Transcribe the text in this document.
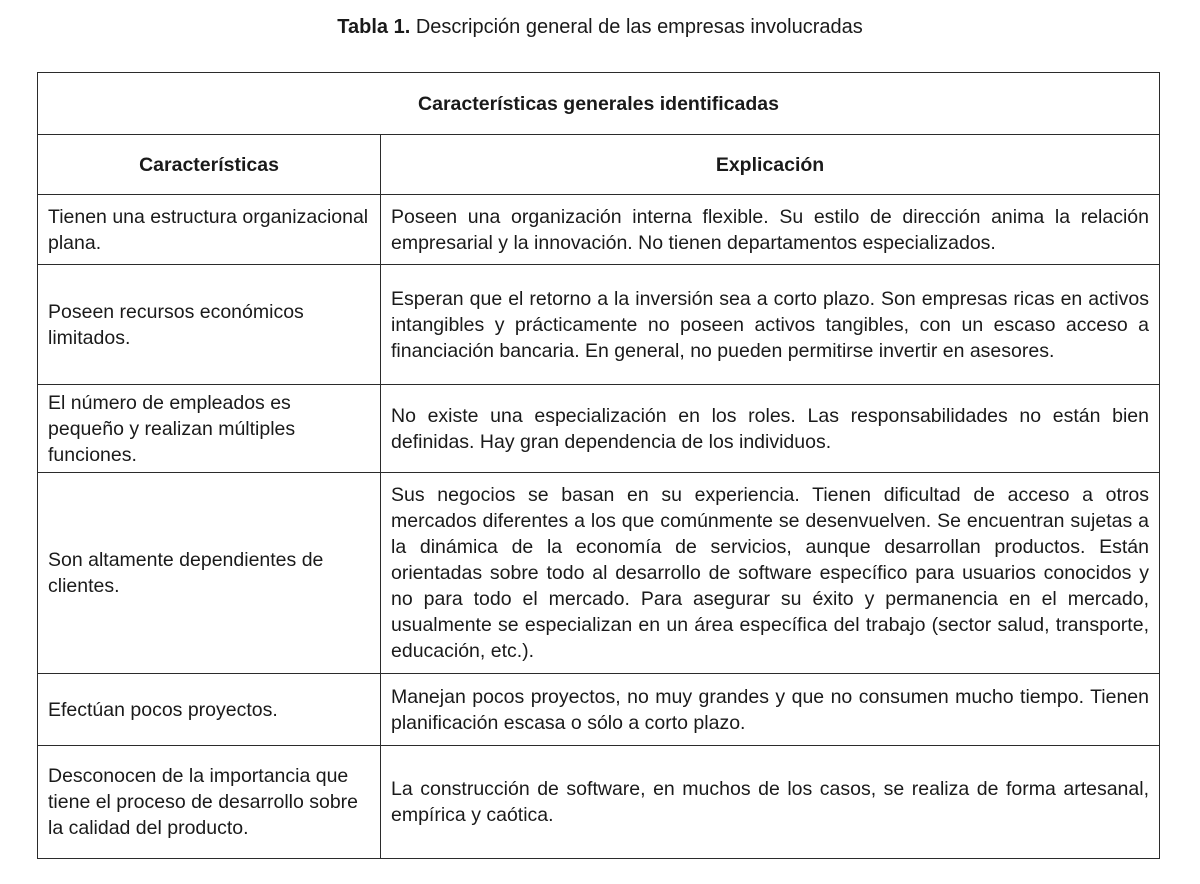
Tabla 1. Descripción general de las empresas involucradas
Características generales identificadas	
Características	Explicación
Tienen una estructura organizacional plana.	Poseen una organización interna flexible. Su estilo de dirección anima la relación empresarial y la innovación. No tienen departamentos especializados.
Poseen recursos económicos limitados.	Esperan que el retorno a la inversión sea a corto plazo. Son empresas ricas en activos intangibles y prácticamente no poseen activos tangibles, con un escaso acceso a financiación bancaria. En general, no pueden permitirse invertir en asesores.
El número de empleados es pequeño y realizan múltiples funciones.	No existe una especialización en los roles. Las responsabilidades no están bien definidas. Hay gran dependencia de los individuos.
Son altamente dependientes de clientes.	Sus negocios se basan en su experiencia. Tienen dificultad de acceso a otros mercados diferentes a los que comúnmente se desenvuelven. Se encuentran sujetas a la dinámica de la economía de servicios, aunque desarrollan productos. Están orientadas sobre todo al desarrollo de software específico para usuarios conocidos y no para todo el mercado. Para asegurar su éxito y permanencia en el mercado, usualmente se especializan en un área específica del trabajo (sector salud, transporte, educación, etc.).
Efectúan pocos proyectos.	Manejan pocos proyectos, no muy grandes y que no consumen mucho tiempo. Tienen planificación escasa o sólo a corto plazo.
Desconocen de la importancia que tiene el proceso de desarrollo sobre la calidad del producto.	La construcción de software, en muchos de los casos, se realiza de forma artesanal, empírica y caótica.
